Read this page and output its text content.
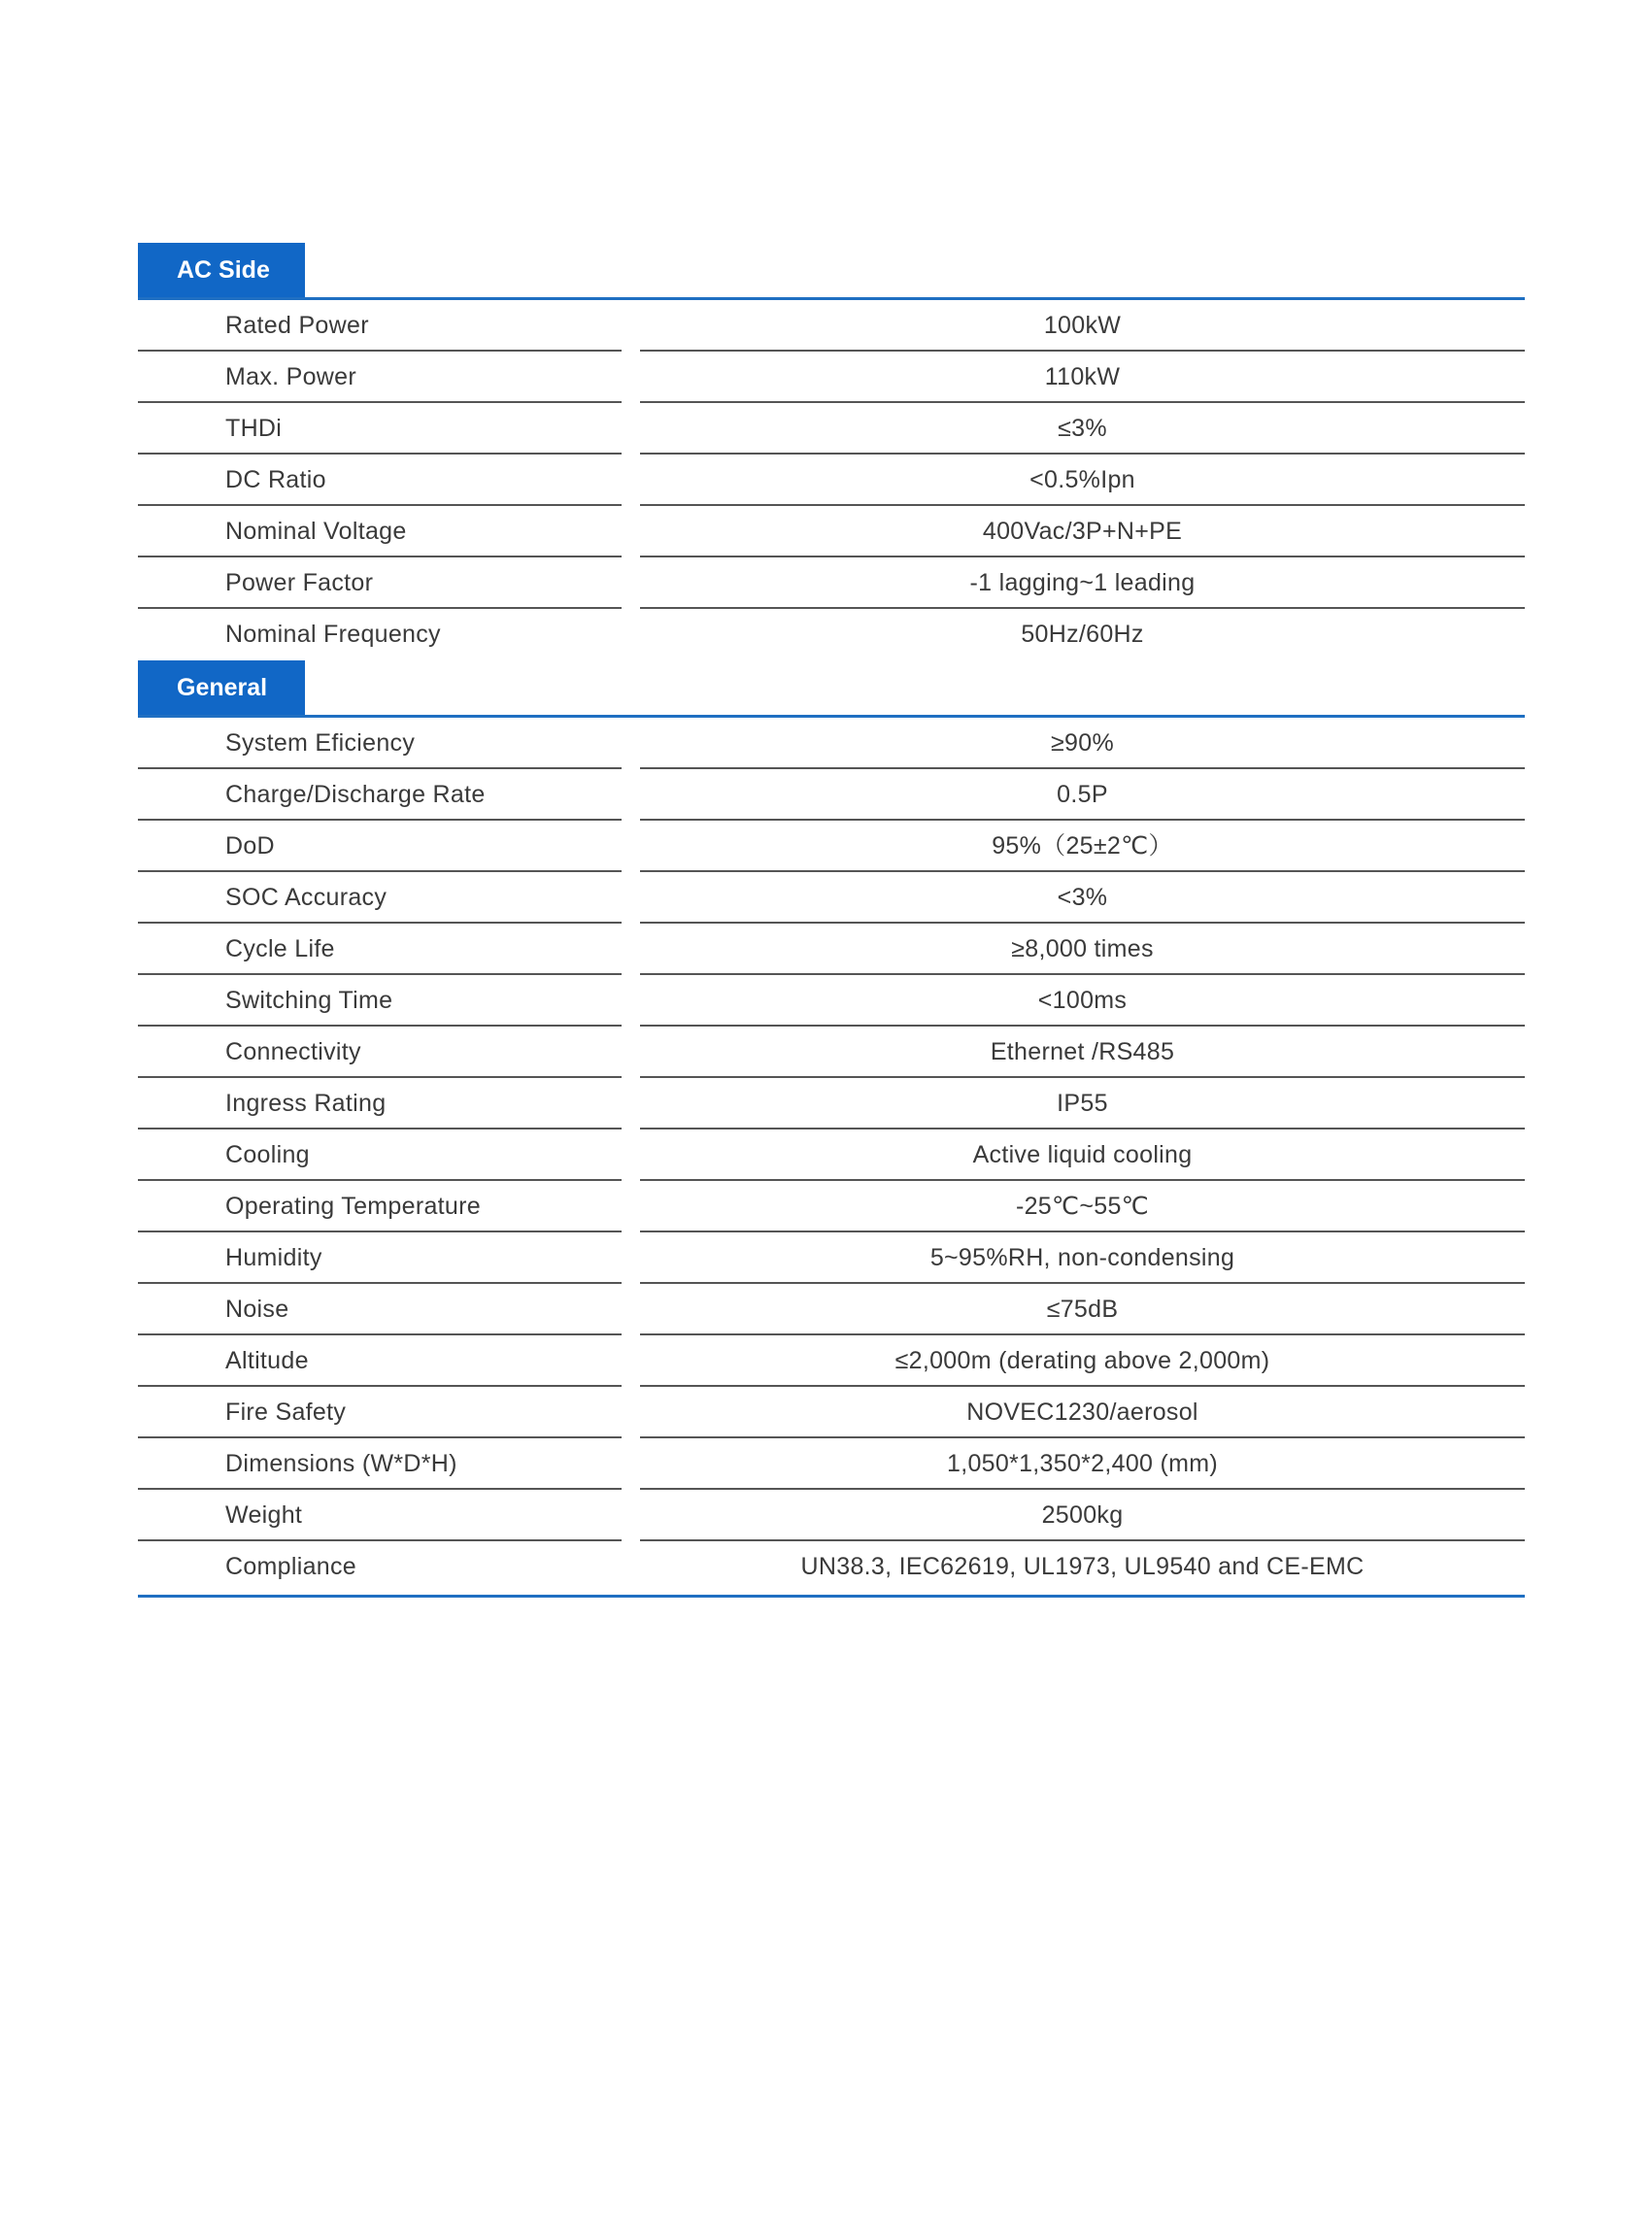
AC Side
Rated Power	100kW
Max. Power	110kW
THDi	≤3%
DC Ratio	<0.5%Ipn
Nominal Voltage	400Vac/3P+N+PE
Power Factor	-1 lagging~1 leading
Nominal Frequency	50Hz/60Hz
General
System Eficiency	≥90%
Charge/Discharge Rate	0.5P
DoD	95%（25±2℃）
SOC Accuracy	<3%
Cycle Life	≥8,000 times
Switching Time	<100ms
Connectivity	Ethernet /RS485
Ingress Rating	IP55
Cooling	Active liquid cooling
Operating Temperature	-25℃~55℃
Humidity	5~95%RH, non-condensing
Noise	≤75dB
Altitude	≤2,000m (derating above 2,000m)
Fire Safety	NOVEC1230/aerosol
Dimensions (W*D*H)	1,050*1,350*2,400 (mm)
Weight	2500kg
Compliance	UN38.3, IEC62619, UL1973, UL9540 and CE-EMC
